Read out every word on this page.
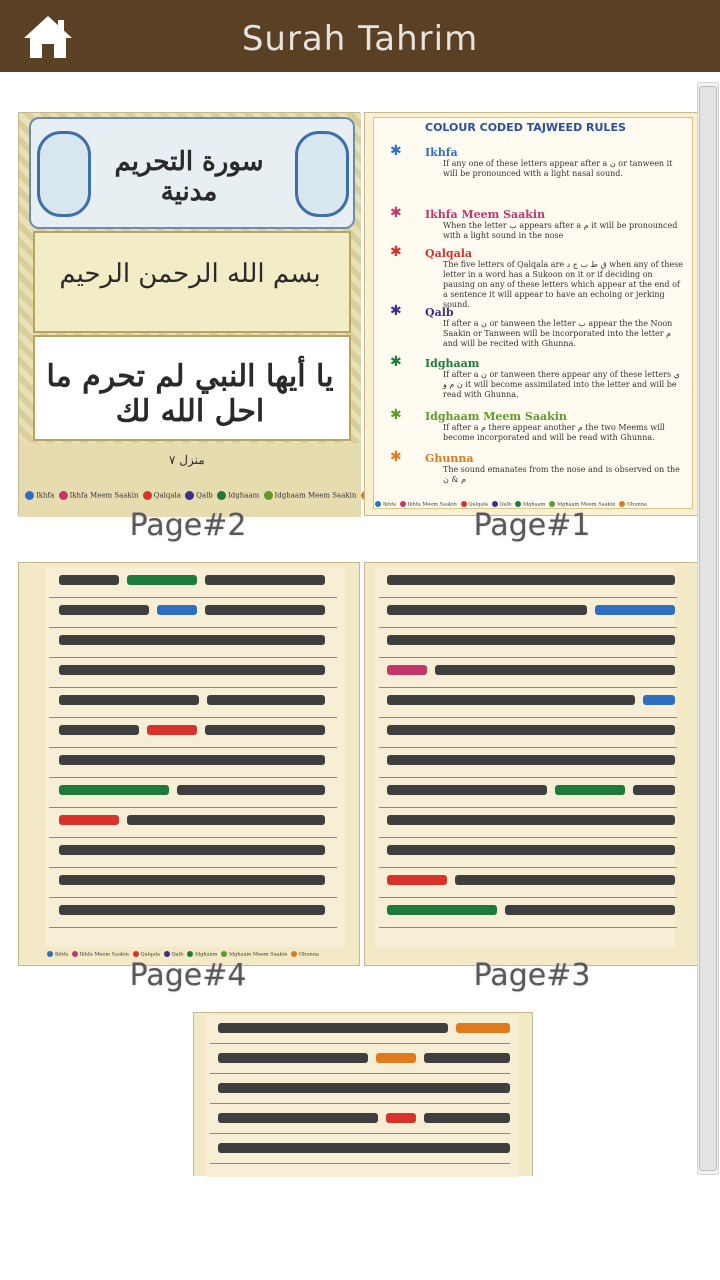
Surah Tahrim
سورة التحريم مدنية
بسم الله الرحمن الرحيم
يا أيها النبي لم تحرم ما احل الله لك
منزل ٧
Ikhfa Ikhfa Meem Saakin Qalqala Qalb Idghaam Idghaam Meem Saakin
Page#2
COLOUR CODED TAJWEED RULES
✱ Ikhfa
If any one of these letters appear after a ن or tanween it will be pronounced with a light nasal sound.
✱ Ikhfa Meem Saakin
When the letter ب appears after a م it will be pronounced with a light sound in the nose
✱ Qalqala
The five letters of Qalqala are ق ط ب ج د when any of these letter in a word has a Sukoon on it or if deciding on pausing on any of these letters which appear at the end of a sentence it will appear to have an echoing or jerking sound.
✱ Qalb
If after a ن or tanween the letter ب appear the the Noon Saakin or Tanween will be incorporated into the letter م and will be recited with Ghunna.
✱ Idghaam
If after a ن or tanween there appear any of these letters ي ن م و it will become assimilated into the letter and will be read with Ghunna.
✱ Idghaam Meem Saakin
If after a م there appear another م the two Meems will become incorporated and will be read with Ghunna.
✱ Ghunna
The sound emanates from the nose and is observed on the م & ن
Ikhfa Ikhfa Meem Saakin Qalqala Qalb Idghaam Idghaam Meem Saakin Ghunna
Page#1
Ikhfa Ikhfa Meem Saakin Qalqala Qalb Idghaam Idghaam Meem Saakin Ghunna
Page#4	Page#3
